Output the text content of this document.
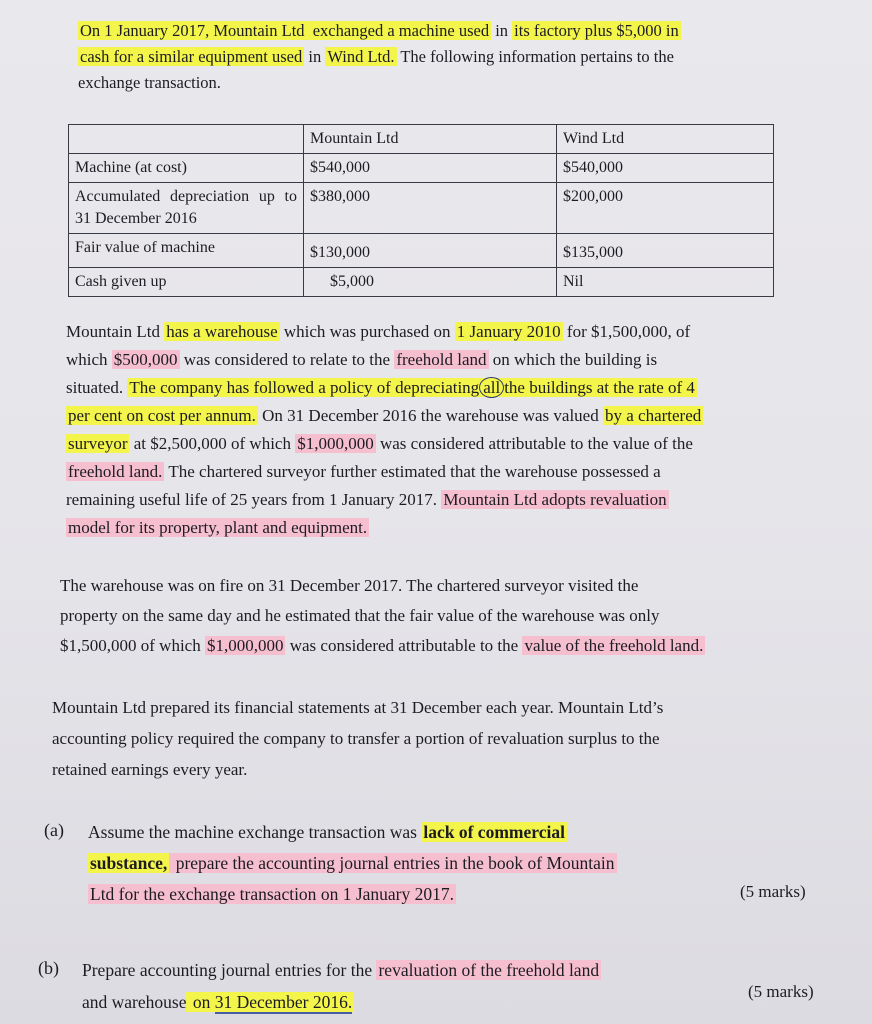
On 1 January 2017, Mountain Ltd exchanged a machine used in its factory plus $5,000 in
cash for a similar equipment used in Wind Ltd. The following information pertains to the
exchange transaction.
	Mountain Ltd	Wind Ltd
Machine (at cost)	$540,000	$540,000
Accumulated depreciation up to 31 December 2016	$380,000	$200,000
Fair value of machine	$130,000	$135,000
Cash given up	$5,000	Nil
Mountain Ltd has a warehouse which was purchased on 1 January 2010 for $1,500,000, of
which $500,000 was considered to relate to the freehold land on which the building is
situated. The company has followed a policy of depreciating all the buildings at the rate of 4
per cent on cost per annum. On 31 December 2016 the warehouse was valued by a chartered
surveyor at $2,500,000 of which $1,000,000 was considered attributable to the value of the
freehold land. The chartered surveyor further estimated that the warehouse possessed a
remaining useful life of 25 years from 1 January 2017. Mountain Ltd adopts revaluation
model for its property, plant and equipment.
The warehouse was on fire on 31 December 2017. The chartered surveyor visited the
property on the same day and he estimated that the fair value of the warehouse was only
$1,500,000 of which $1,000,000 was considered attributable to the value of the freehold land.
Mountain Ltd prepared its financial statements at 31 December each year. Mountain Ltd’s
accounting policy required the company to transfer a portion of revaluation surplus to the
retained earnings every year.
(a) Assume the machine exchange transaction was lack of commercial
substance, prepare the accounting journal entries in the book of Mountain
Ltd for the exchange transaction on 1 January 2017.	(5 marks)
(b) Prepare accounting journal entries for the revaluation of the freehold land
and warehouse on 31 December 2016.
(5 marks)
